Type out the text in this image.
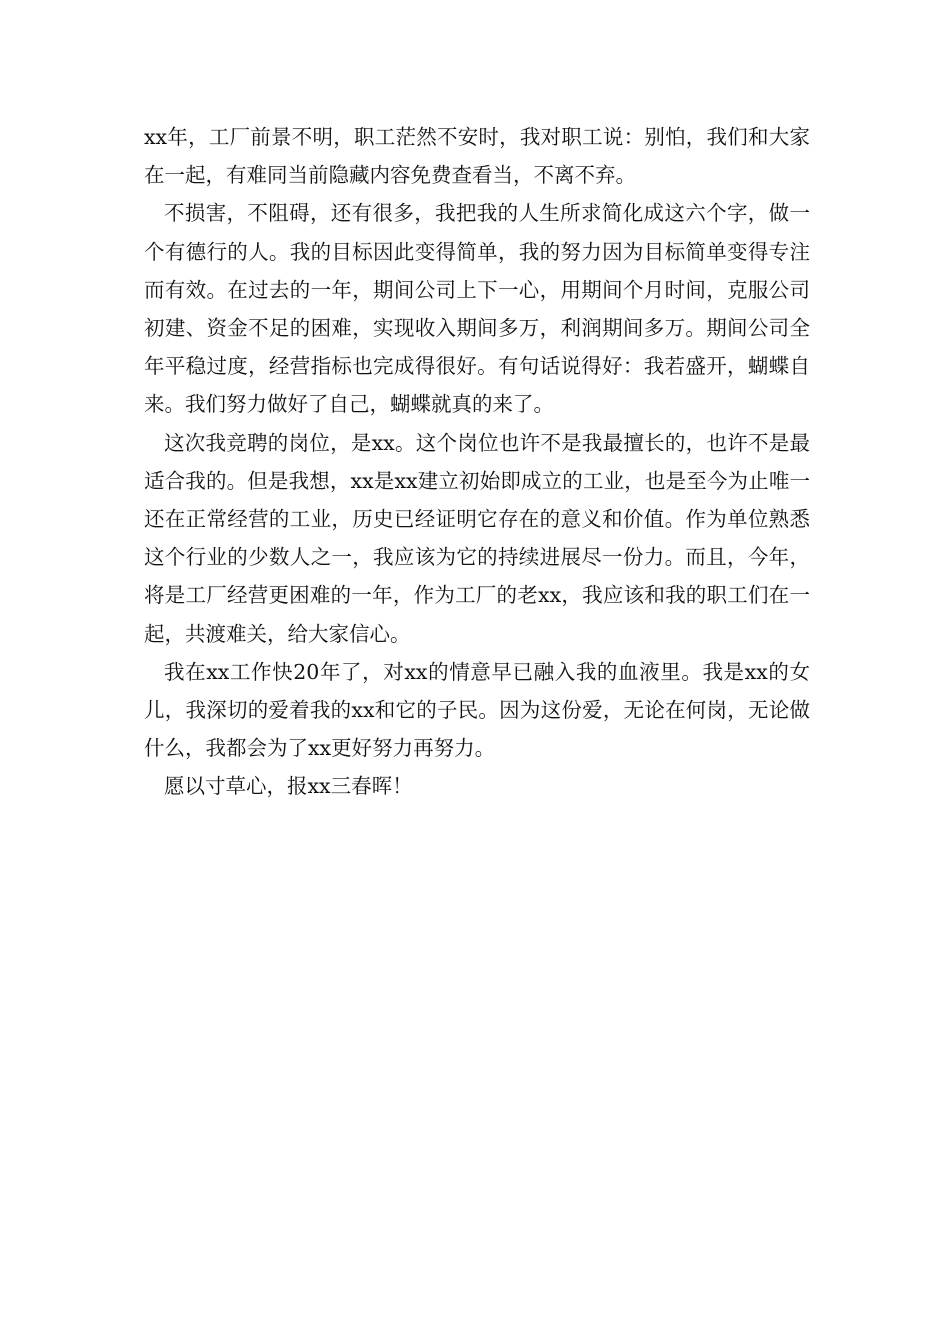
xx年，工厂前景不明，职工茫然不安时，我对职工说：别怕，我们和大家在一起，有难同当前隐藏内容免费查看当，不离不弃。

不损害，不阻碍，还有很多，我把我的人生所求简化成这六个字，做一个有德行的人。我的目标因此变得简单，我的努力因为目标简单变得专注而有效。在过去的一年，期间公司上下一心，用期间个月时间，克服公司初建、资金不足的困难，实现收入期间多万，利润期间多万。期间公司全年平稳过度，经营指标也完成得很好。有句话说得好：我若盛开，蝴蝶自来。我们努力做好了自己，蝴蝶就真的来了。

这次我竞聘的岗位，是xx。这个岗位也许不是我最擅长的，也许不是最适合我的。但是我想，xx是xx建立初始即成立的工业，也是至今为止唯一还在正常经营的工业，历史已经证明它存在的意义和价值。作为单位熟悉这个行业的少数人之一，我应该为它的持续进展尽一份力。而且，今年，将是工厂经营更困难的一年，作为工厂的老xx，我应该和我的职工们在一起，共渡难关，给大家信心。

我在xx工作快20年了，对xx的情意早已融入我的血液里。我是xx的女儿，我深切的爱着我的xx和它的子民。因为这份爱，无论在何岗，无论做什么，我都会为了xx更好努力再努力。

愿以寸草心，报xx三春晖！
